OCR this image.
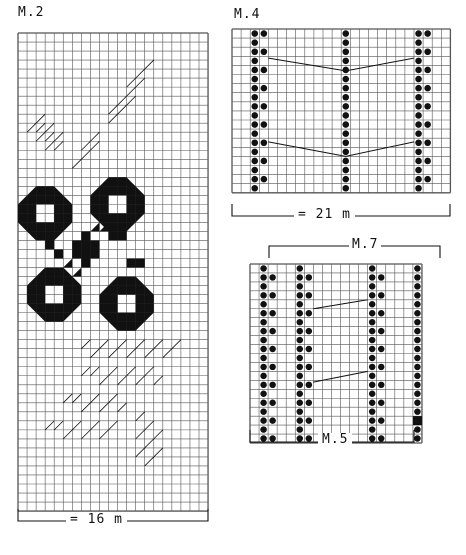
M.2	M.4
M.7
= 16 m
= 21 m
M.5
